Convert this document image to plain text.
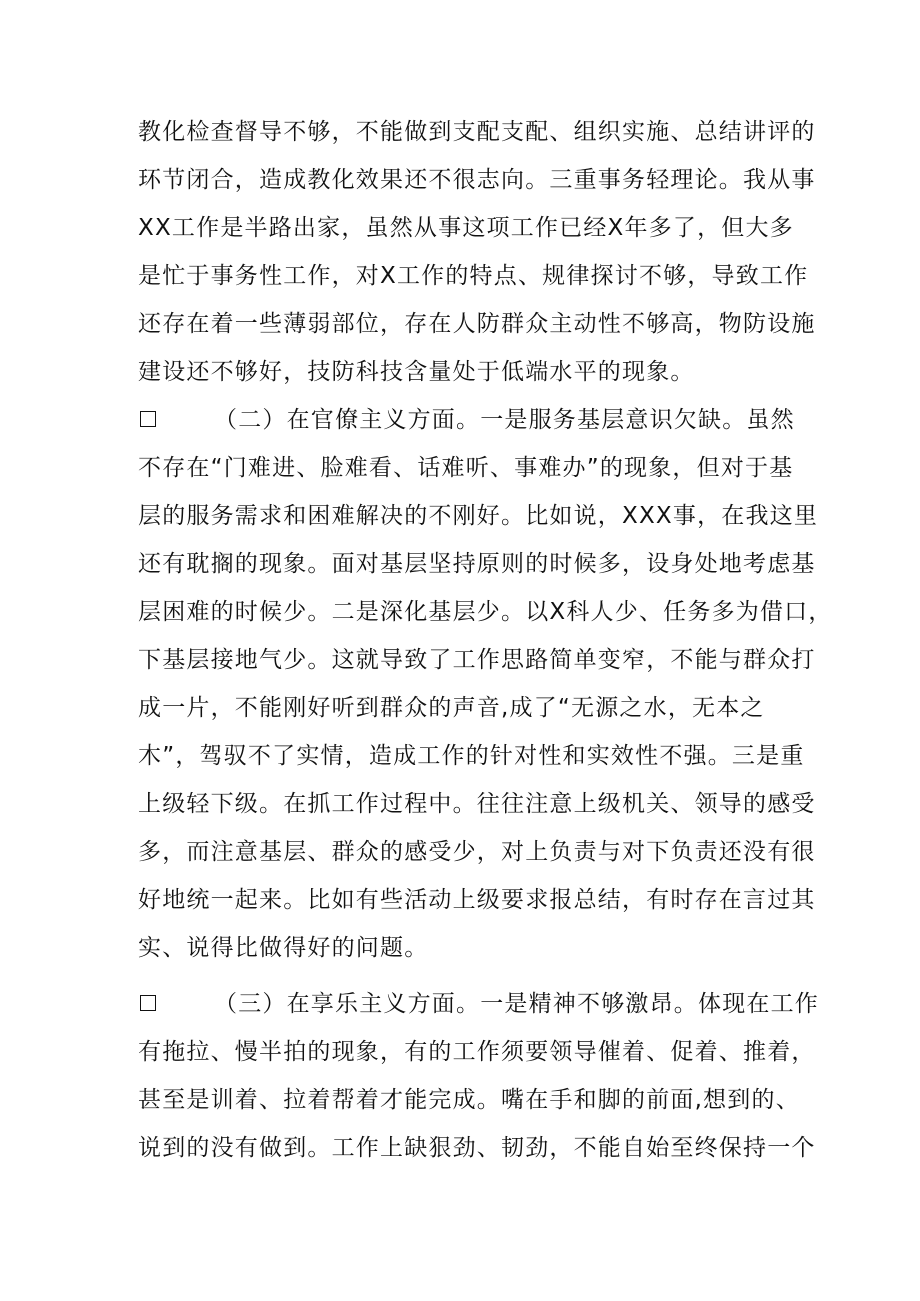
教化检查督导不够，不能做到支配支配、组织实施、总结讲评的
环节闭合，造成教化效果还不很志向。三重事务轻理论。我从事
XX工作是半路出家，虽然从事这项工作已经X年多了，但大多
是忙于事务性工作，对X工作的特点、规律探讨不够，导致工作
还存在着一些薄弱部位，存在人防群众主动性不够高，物防设施
建设还不够好，技防科技含量处于低端水平的现象。
（二）在官僚主义方面。一是服务基层意识欠缺。虽然
不存在“门难进、脸难看、话难听、事难办”的现象，但对于基
层的服务需求和困难解决的不刚好。比如说，XXX事，在我这里
还有耽搁的现象。面对基层坚持原则的时候多，设身处地考虑基
层困难的时候少。二是深化基层少。以X科人少、任务多为借口，
下基层接地气少。这就导致了工作思路简单变窄，不能与群众打
成一片，不能刚好听到群众的声音,成了“无源之水，无本之
木”，驾驭不了实情，造成工作的针对性和实效性不强。三是重
上级轻下级。在抓工作过程中。往往注意上级机关、领导的感受
多，而注意基层、群众的感受少，对上负责与对下负责还没有很
好地统一起来。比如有些活动上级要求报总结，有时存在言过其
实、说得比做得好的问题。
（三）在享乐主义方面。一是精神不够激昂。体现在工作
有拖拉、慢半拍的现象，有的工作须要领导催着、促着、推着，
甚至是训着、拉着帮着才能完成。嘴在手和脚的前面,想到的、
说到的没有做到。工作上缺狠劲、韧劲，不能自始至终保持一个
